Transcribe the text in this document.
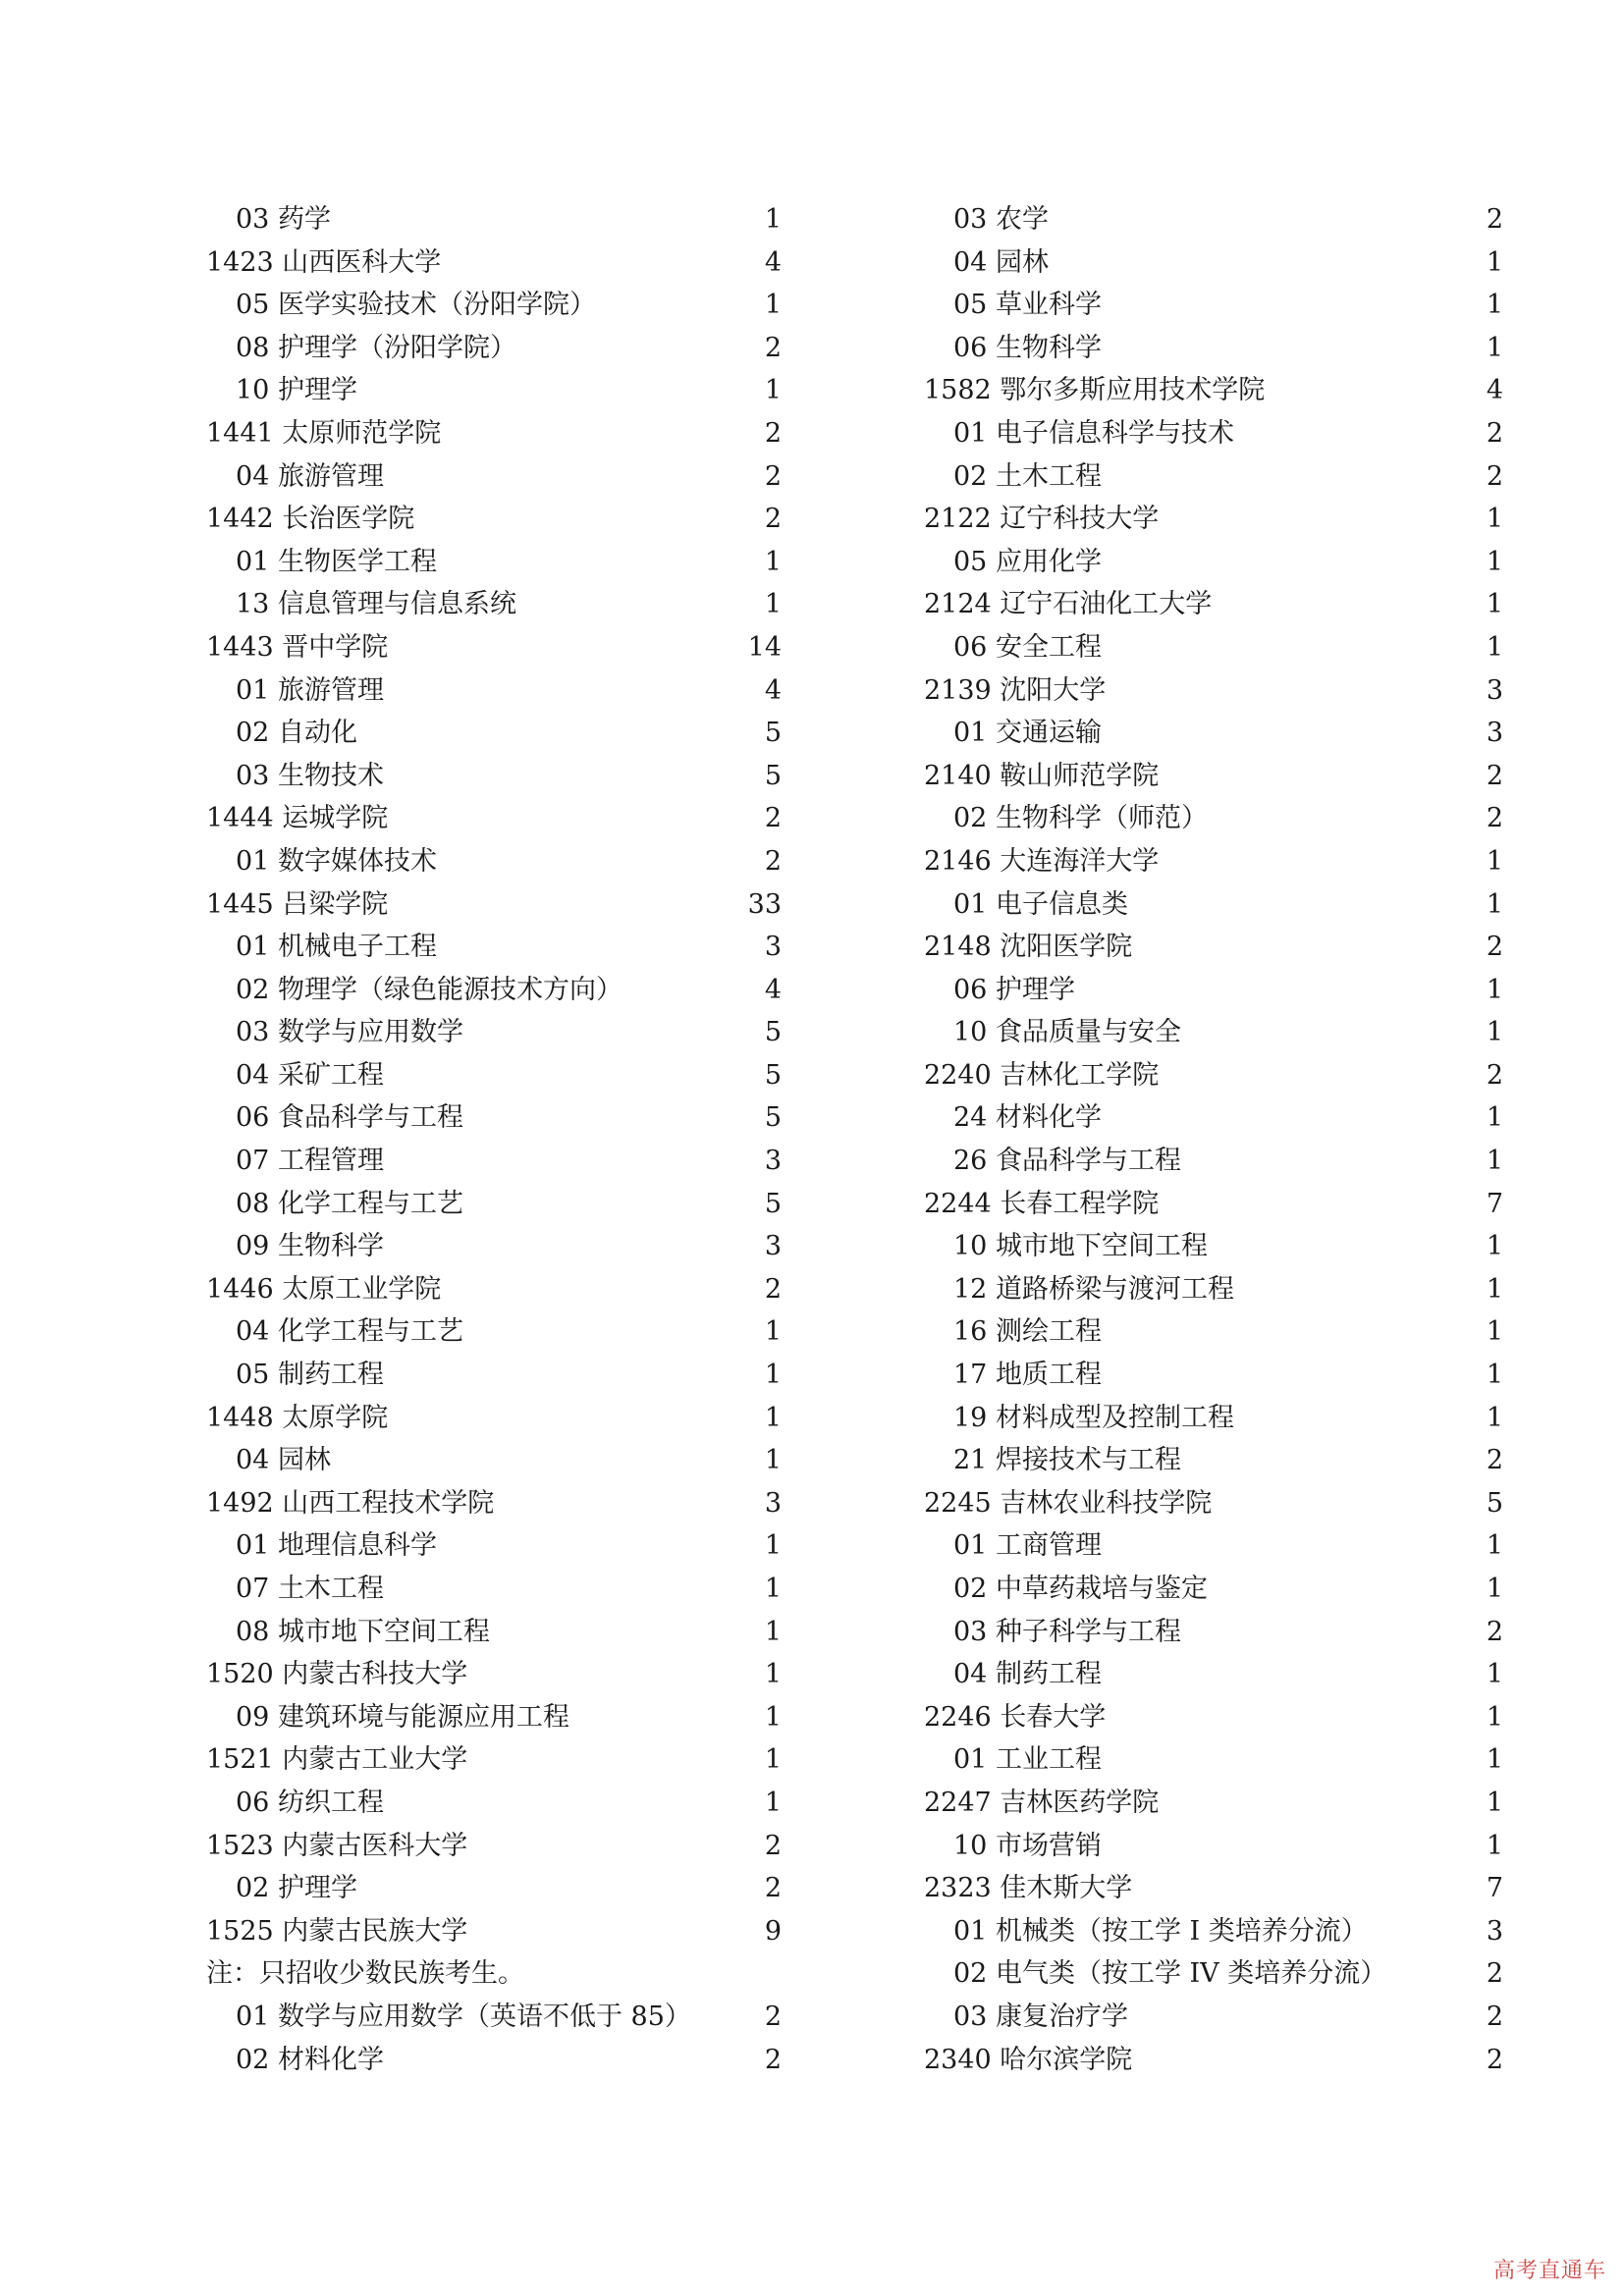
03 药学	1
1423 山西医科大学	4
05 医学实验技术（汾阳学院）	1
08 护理学（汾阳学院）	2
10 护理学	1
1441 太原师范学院	2
04 旅游管理	2
1442 长治医学院	2
01 生物医学工程	1
13 信息管理与信息系统	1
1443 晋中学院	14
01 旅游管理	4
02 自动化	5
03 生物技术	5
1444 运城学院	2
01 数字媒体技术	2
1445 吕梁学院	33
01 机械电子工程	3
02 物理学（绿色能源技术方向）	4
03 数学与应用数学	5
04 采矿工程	5
06 食品科学与工程	5
07 工程管理	3
08 化学工程与工艺	5
09 生物科学	3
1446 太原工业学院	2
04 化学工程与工艺	1
05 制药工程	1
1448 太原学院	1
04 园林	1
1492 山西工程技术学院	3
01 地理信息科学	1
07 土木工程	1
08 城市地下空间工程	1
1520 内蒙古科技大学	1
09 建筑环境与能源应用工程	1
1521 内蒙古工业大学	1
06 纺织工程	1
1523 内蒙古医科大学	2
02 护理学	2
1525 内蒙古民族大学	9
注：只招收少数民族考生。
01 数学与应用数学（英语不低于 85）	2
02 材料化学	2
03 农学	2
04 园林	1
05 草业科学	1
06 生物科学	1
1582 鄂尔多斯应用技术学院	4
01 电子信息科学与技术	2
02 土木工程	2
2122 辽宁科技大学	1
05 应用化学	1
2124 辽宁石油化工大学	1
06 安全工程	1
2139 沈阳大学	3
01 交通运输	3
2140 鞍山师范学院	2
02 生物科学（师范）	2
2146 大连海洋大学	1
01 电子信息类	1
2148 沈阳医学院	2
06 护理学	1
10 食品质量与安全	1
2240 吉林化工学院	2
24 材料化学	1
26 食品科学与工程	1
2244 长春工程学院	7
10 城市地下空间工程	1
12 道路桥梁与渡河工程	1
16 测绘工程	1
17 地质工程	1
19 材料成型及控制工程	1
21 焊接技术与工程	2
2245 吉林农业科技学院	5
01 工商管理	1
02 中草药栽培与鉴定	1
03 种子科学与工程	2
04 制药工程	1
2246 长春大学	1
01 工业工程	1
2247 吉林医药学院	1
10 市场营销	1
2323 佳木斯大学	7
01 机械类（按工学 I 类培养分流）	3
02 电气类（按工学 IV 类培养分流）	2
03 康复治疗学	2
2340 哈尔滨学院	2
高考直通车
